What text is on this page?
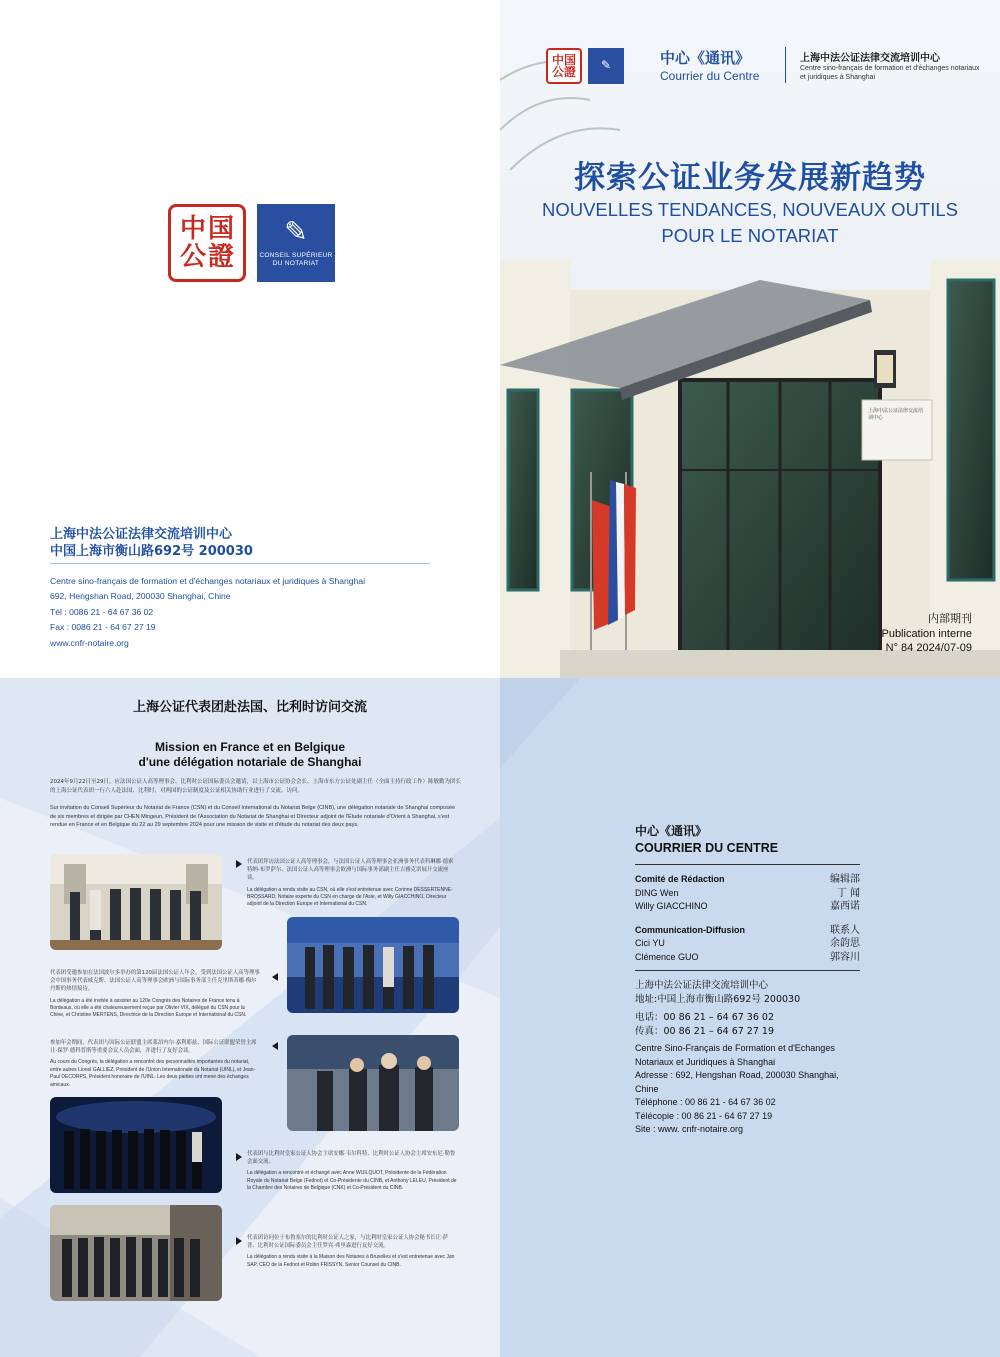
中 国
公 證
✎
CONSEIL SUPÉRIEUR
DU NOTARIAT
上海中法公证法律交流培训中心
中国上海市衡山路692号 200030
Centre sino-français de formation et d'échanges notariaux et juridiques à Shanghai
692, Hengshan Road, 200030 Shanghai, Chine
Tél : 0086 21 - 64 67 36 02
Fax : 0086 21 - 64 67 27 19
www.cnfr-notaire.org
中 国
公 證 ✎	中心《通讯》
Courrier du Centre
上海中法公证法律交流培训中心
Centre sino-français de formation et d'échanges notariaux et juridiques à Shanghai
探索公证业务发展新趋势
NOUVELLES TENDANCES, NOUVEAUX OUTILS
POUR LE NOTARIAT
上海中法公证法律交流培训中心
内部期刊
Publication interne
N° 84 2024/07-09
上海公证代表团赴法国、比利时访问交流
Mission en France et en Belgique
d'une délégation notariale de Shanghai
2024年9月22日至29日，应法国公证人高等理事会、比利时公证国际委员会邀请，以上海市公证协会会长、上海市东方公证处副主任（全面主持行政工作）陈敏勤为团长的上海公证代表团一行六人赴法国、比利时，对两国的公证制度及公证相关协助行业进行了交流、访问。
Sur invitation du Conseil Supérieur du Notariat de France (CSN) et du Conseil International du Notariat Belge (CINB), une délégation notariale de Shanghai composée de six membres et dirigée par CHEN Mingeun, Président de l'Association du Notariat de Shanghai et Directeur adjoint de l'Étude notariale d'Orient à Shanghai, s'est rendue en France et en Belgique du 22 au 29 septembre 2024 pour une mission de visite et d'étude du notariat des deux pays.
代表团拜访法国公证人高等理事会，与法国公证人高等理事会亚洲事务代表科琳娜·德索特纳-布罗萨尔、法国公证人高等理事会欧洲与国际事务部副主任吉雅克诺展开交流座谈。
La délégation a rendu visite au CSN, où elle s'est entretenue avec Corinne DESSERTENNE-BROSSARD, Notaire experte du CSN en charge de l'Asie, et Willy GIACCHINO, Directeur adjoint de la Direction Europe et International du CSN.
代表团受邀参加在法国波尔多举办的第120届法国公证人年会，受到法国公证人高等理事会中国事务代表威克斯、法国公证人高等理事会欧洲与国际事务部主任克里斯蒂娜·梅尔丹斯的热情接待。
La délégation a été invitée à assister au 120e Congrès des Notaires de France tenu à Bordeaux, où elle a été chaleureusement reçue par Olivier VIX, délégué du CSN pour la Chine, et Christine MERTENS, Directrice de la Direction Europe et International du CSN.
参加年会期间，代表团与国际公证联盟主席莱昂内尔·嘉利耶兹、国际公证联盟荣誉主席让-保罗·德科普斯等重要会议人员会面，并进行了友好会谈。
Au cours du Congrès, la délégation a rencontré des personnalités importantes du notariat, entre autres Lionel GALLIEZ, Président de l'Union Internationale du Notariat (UINL), et Jean-Paul DECORPS, Président honoraire de l'UINL. Les deux parties ont mené des échanges amicaux.
代表团与比利时皇家公证人协会主席安娜·韦尔科特、比利时公证人协会主席安东尼·勒鲁会面交流。
La délégation a rencontré et échangé avec Anne WUILQUOT, Présidente de la Fédération Royale du Notariat Belge (Fednot) et Co-Présidente du CINB, et Anthony LELEU, Président de la Chambre des Notaires de Belgique (CNK) et Co-Président du CINB.
代表团访问位于布鲁塞尔的比利时公证人之家，与比利时皇家公证人协会秘书长让·萨普、比利时公证国际委员会主任罗宾·弗里森进行友好交流。
La délégation a rendu visite à la Maison des Notaires à Bruxelles et s'est entretenue avec Jan SAP, CEO de la Fednot et Robin FRISSYN, Senior Counsel du CINB.
中心《通讯》
COURRIER DU CENTRE
Comité de Rédaction	编辑部
DING Wen	丁 闻
Willy GIACCHINO	嘉西诺
Communication-Diffusion	联系人
Cici YU	余韵思
Clémence GUO	郭容川
上海中法公证法律交流培训中心
地址:中国上海市衡山路692号 200030
电话：00 86 21 – 64 67 36 02
传真：00 86 21 – 64 67 27 19
Centre Sino-Français de Formation et d'Echanges
Notariaux et Juridiques à Shanghai
Adresse : 692, Hengshan Road, 200030 Shanghai, Chine
Téléphone : 00 86 21 - 64 67 36 02
Télécopie : 00 86 21 - 64 67 27 19
Site : www. cnfr-notaire.org
